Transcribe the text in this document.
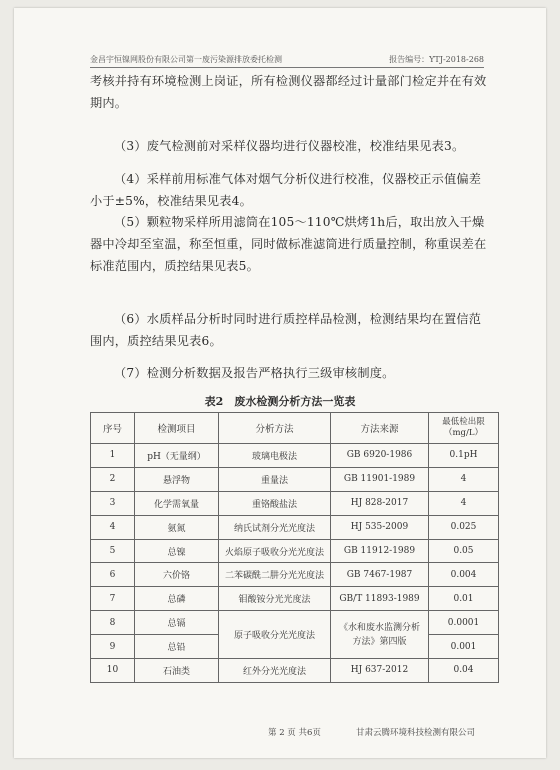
金昌宇恒镍网股份有限公司第一废污染源排放委托检测	报告编号：YTJ-2018-268
考核并持有环境检测上岗证，所有检测仪器都经过计量部门检定并在有效期内。
（3）废气检测前对采样仪器均进行仪器校准，校准结果见表3。
（4）采样前用标准气体对烟气分析仪进行校准，仪器校正示值偏差小于±5%，校准结果见表4。
（5）颗粒物采样所用滤筒在105～110℃烘烤1h后，取出放入干燥器中冷却至室温，称至恒重，同时做标准滤筒进行质量控制，称重误差在标准范围内，质控结果见表5。
（6）水质样品分析时同时进行质控样品检测，检测结果均在置信范围内，质控结果见表6。
（7）检测分析数据及报告严格执行三级审核制度。
表2　废水检测分析方法一览表
序号	检测项目	分析方法	方法来源	最低检出限
（mg/L）
1	pH（无量纲）	玻璃电极法	GB 6920-1986	0.1pH
2	悬浮物	重量法	GB 11901-1989	4
3	化学需氧量	重铬酸盐法	HJ 828-2017	4
4	氨氮	纳氏试剂分光光度法	HJ 535-2009	0.025
5	总镍	火焰原子吸收分光光度法	GB 11912-1989	0.05
6	六价铬	二苯碳酰二肼分光光度法	GB 7467-1987	0.004
7	总磷	钼酸铵分光光度法	GB/T 11893-1989	0.01
8	总镉	原子吸收分光光度法	《水和废水监测分析方法》第四版	0.0001
9	总铅			0.001
10	石油类	红外分光光度法	HJ 637-2012	0.04
第 2 页 共6页	甘肃云腾环境科技检测有限公司
